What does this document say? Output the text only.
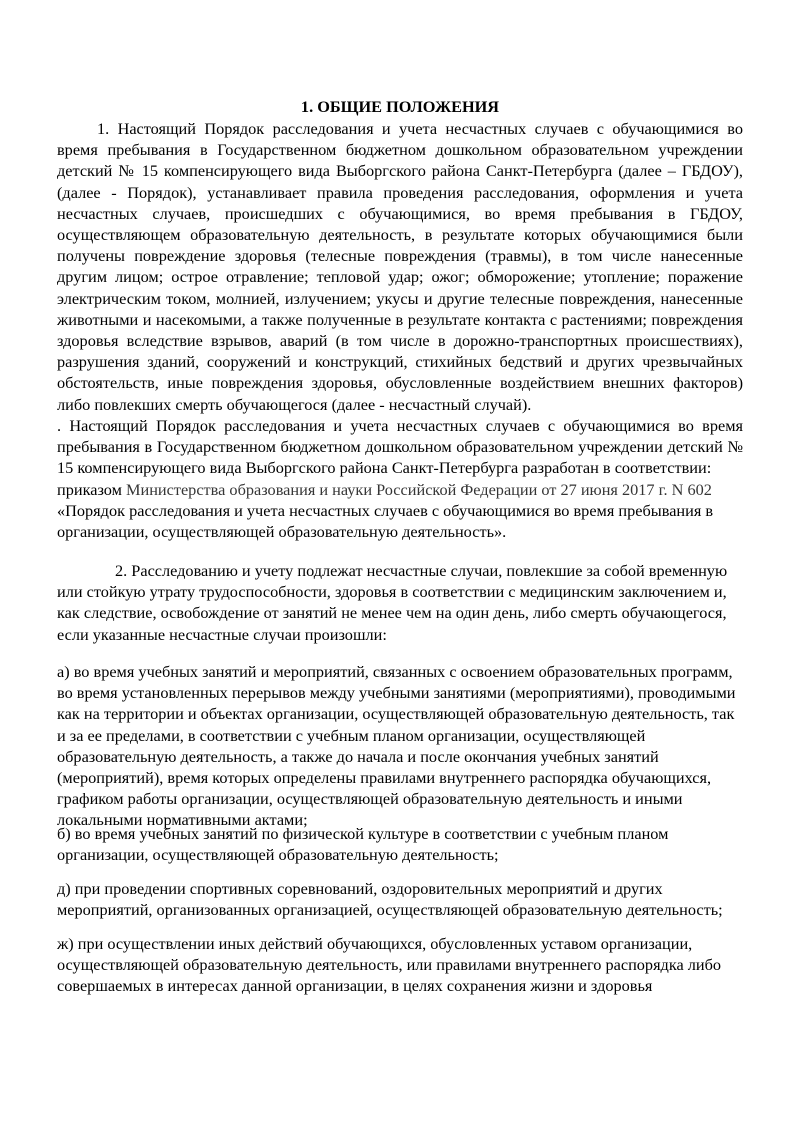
1. ОБЩИЕ ПОЛОЖЕНИЯ

1. Настоящий Порядок расследования и учета несчастных случаев с обучающимися во время пребывания в Государственном бюджетном дошкольном образовательном учреждении детский № 15 компенсирующего вида Выборгского района Санкт-Петербурга (далее – ГБДОУ), (далее - Порядок), устанавливает правила проведения расследования, оформления и учета несчастных случаев, происшедших с обучающимися, во время пребывания в ГБДОУ, осуществляющем образовательную деятельность, в результате которых обучающимися были получены повреждение здоровья (телесные повреждения (травмы), в том числе нанесенные другим лицом; острое отравление; тепловой удар; ожог; обморожение; утопление; поражение электрическим током, молнией, излучением; укусы и другие телесные повреждения, нанесенные животными и насекомыми, а также полученные в результате контакта с растениями; повреждения здоровья вследствие взрывов, аварий (в том числе в дорожно-транспортных происшествиях), разрушения зданий, сооружений и конструкций, стихийных бедствий и других чрезвычайных обстоятельств, иные повреждения здоровья, обусловленные воздействием внешних факторов) либо повлекших смерть обучающегося (далее - несчастный случай).

. Настоящий Порядок расследования и учета несчастных случаев с обучающимися во время пребывания в Государственном бюджетном дошкольном образовательном учреждении детский № 15 компенсирующего вида Выборгского района Санкт-Петербурга разработан в соответствии:
приказом Министерства образования и науки Российской Федерации от 27 июня 2017 г. N 602
«Порядок расследования и учета несчастных случаев с обучающимися во время пребывания в организации, осуществляющей образовательную деятельность».

2. Расследованию и учету подлежат несчастные случаи, повлекшие за собой временную или стойкую утрату трудоспособности, здоровья в соответствии с медицинским заключением и, как следствие, освобождение от занятий не менее чем на один день, либо смерть обучающегося, если указанные несчастные случаи произошли:

а) во время учебных занятий и мероприятий, связанных с освоением образовательных программ, во время установленных перерывов между учебными занятиями (мероприятиями), проводимыми как на территории и объектах организации, осуществляющей образовательную деятельность, так и за ее пределами, в соответствии с учебным планом организации, осуществляющей образовательную деятельность, а также до начала и после окончания учебных занятий (мероприятий), время которых определены правилами внутреннего распорядка обучающихся, графиком работы организации, осуществляющей образовательную деятельность и иными локальными нормативными актами;

б) во время учебных занятий по физической культуре в соответствии с учебным планом организации, осуществляющей образовательную деятельность;

д) при проведении спортивных соревнований, оздоровительных мероприятий и других мероприятий, организованных организацией, осуществляющей образовательную деятельность;

ж) при осуществлении иных действий обучающихся, обусловленных уставом организации, осуществляющей образовательную деятельность, или правилами внутреннего распорядка либо совершаемых в интересах данной организации, в целях сохранения жизни и здоровья
